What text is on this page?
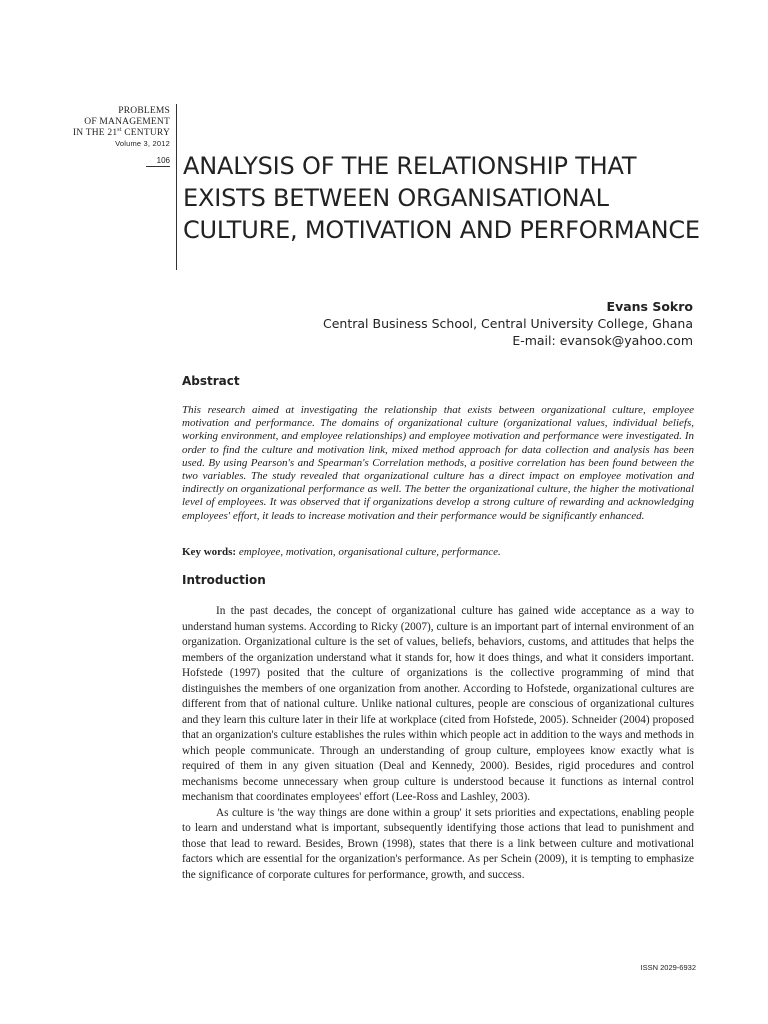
PROBLEMS
OF MANAGEMENT
IN THE 21st CENTURY
Volume 3, 2012
106 ANALYSIS OF THE RELATIONSHIP THAT EXISTS BETWEEN ORGANISATIONAL CULTURE, MOTIVATION AND PERFORMANCE
Evans Sokro
Central Business School, Central University College, Ghana
E-mail: evansok@yahoo.com
Abstract

This research aimed at investigating the relationship that exists between organizational culture, employee motivation and performance. The domains of organizational culture (organizational values, individual beliefs, working environment, and employee relationships) and employee motivation and performance were investigated. In order to find the culture and motivation link, mixed method approach for data collection and analysis has been used. By using Pearson's and Spearman's Correlation methods, a positive correlation has been found between the two variables. The study revealed that organizational culture has a direct impact on employee motivation and indirectly on organizational performance as well. The better the organizational culture, the higher the motivational level of employees. It was observed that if organizations develop a strong culture of rewarding and acknowledging employees' effort, it leads to increase motivation and their performance would be significantly enhanced.

Key words: employee, motivation, organisational culture, performance.

Introduction

In the past decades, the concept of organizational culture has gained wide acceptance as a way to understand human systems. According to Ricky (2007), culture is an important part of internal environment of an organization. Organizational culture is the set of values, beliefs, behaviors, customs, and attitudes that helps the members of the organization understand what it stands for, how it does things, and what it considers important. Hofstede (1997) posited that the culture of organizations is the collective programming of mind that distinguishes the members of one organization from another. According to Hofstede, organizational cultures are different from that of national culture. Unlike national cultures, people are conscious of organizational cultures and they learn this culture later in their life at workplace (cited from Hofstede, 2005). Schneider (2004) proposed that an organization's culture establishes the rules within which people act in addition to the ways and methods in which people communicate. Through an understanding of group culture, employees know exactly what is required of them in any given situation (Deal and Kennedy, 2000). Besides, rigid procedures and control mechanisms become unnecessary when group culture is understood because it functions as internal control mechanism that coordinates employees' effort (Lee-Ross and Lashley, 2003).

As culture is 'the way things are done within a group' it sets priorities and expectations, enabling people to learn and understand what is important, subsequently identifying those actions that lead to punishment and those that lead to reward. Besides, Brown (1998), states that there is a link between culture and motivational factors which are essential for the organization's performance. As per Schein (2009), it is tempting to emphasize the significance of corporate cultures for performance, growth, and success.

ISSN 2029-6932
